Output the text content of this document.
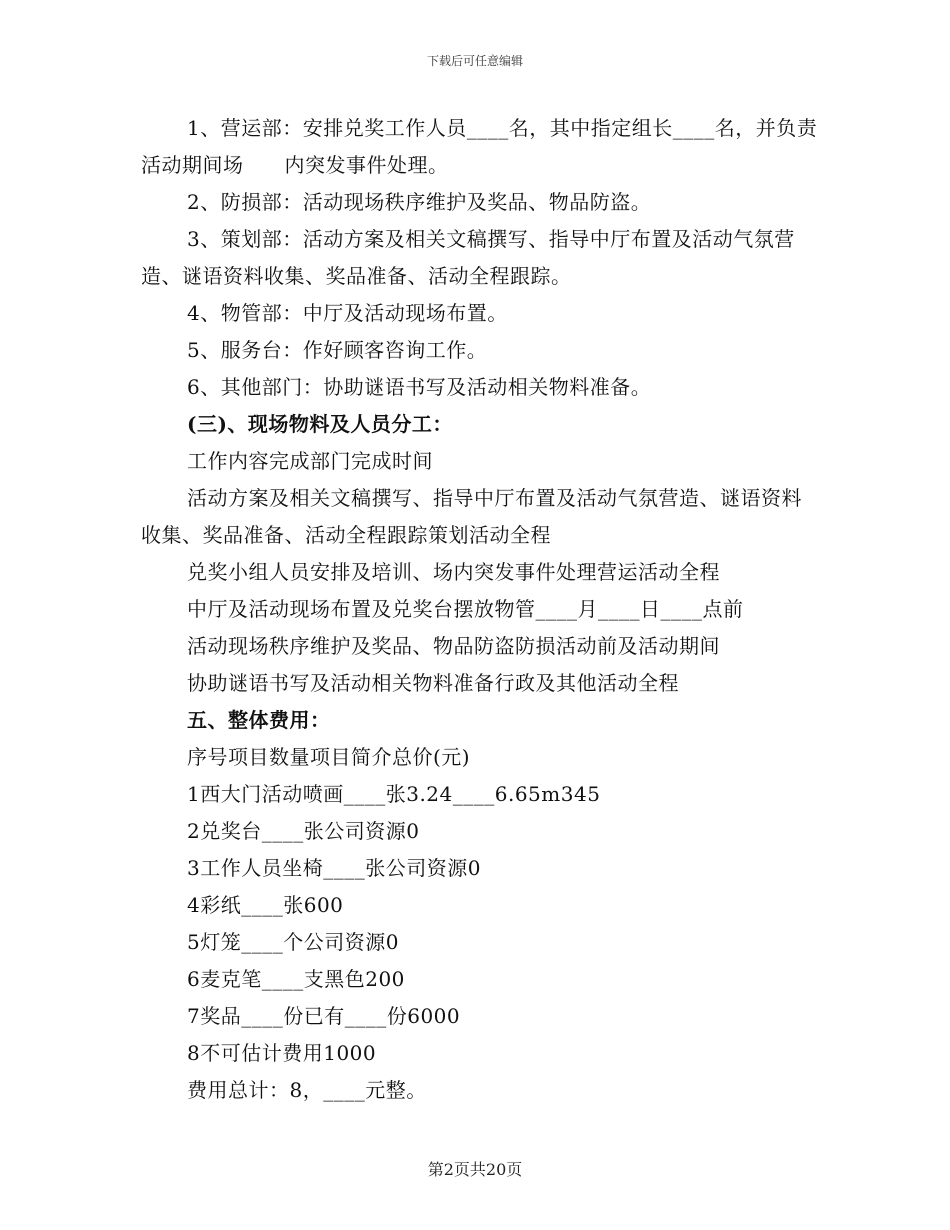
下载后可任意编辑

1、营运部：安排兑奖工作人员____名，其中指定组长____名，并负责活动期间场　　内突发事件处理。

2、防损部：活动现场秩序维护及奖品、物品防盗。

3、策划部：活动方案及相关文稿撰写、指导中厅布置及活动气氛营造、谜语资料收集、奖品准备、活动全程跟踪。

4、物管部：中厅及活动现场布置。

5、服务台：作好顾客咨询工作。

6、其他部门：协助谜语书写及活动相关物料准备。

(三)、现场物料及人员分工：

工作内容完成部门完成时间

活动方案及相关文稿撰写、指导中厅布置及活动气氛营造、谜语资料收集、奖品准备、活动全程跟踪策划活动全程

兑奖小组人员安排及培训、场内突发事件处理营运活动全程

中厅及活动现场布置及兑奖台摆放物管____月____日____点前

活动现场秩序维护及奖品、物品防盗防损活动前及活动期间

协助谜语书写及活动相关物料准备行政及其他活动全程

五、整体费用：

序号项目数量项目简介总价(元)

1西大门活动喷画____张3.24____6.65m345

2兑奖台____张公司资源0

3工作人员坐椅____张公司资源0

4彩纸____张600

5灯笼____个公司资源0

6麦克笔____支黑色200

7奖品____份已有____份6000

8不可估计费用1000

费用总计：8，____元整。

第2页共20页
